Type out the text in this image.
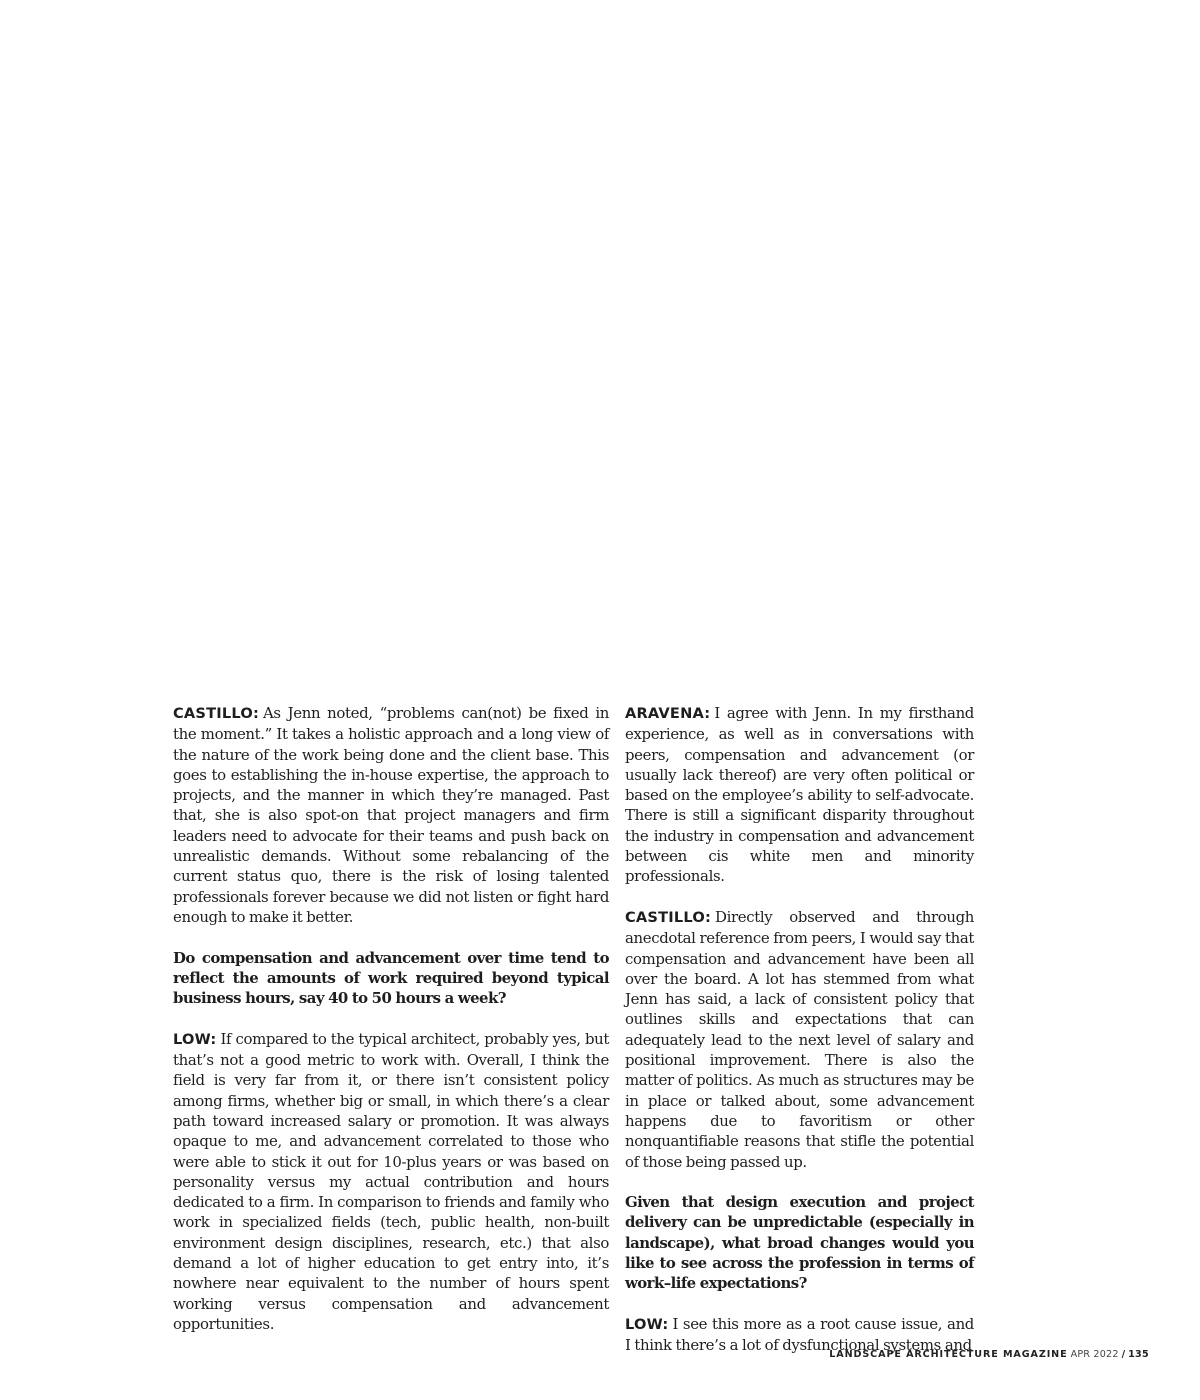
CASTILLO: As Jenn noted, “problems can(not) be fixed in the moment.” It takes a holistic approach and a long view of the nature of the work being done and the client base. This goes to establishing the in-house expertise, the approach to projects, and the manner in which they’re managed. Past that, she is also spot-on that project managers and firm leaders need to advocate for their teams and push back on unrealistic demands. Without some rebalancing of the current status quo, there is the risk of losing talented professionals forever because we did not listen or fight hard enough to make it better.

Do compensation and advancement over time tend to reflect the amounts of work required beyond typical business hours, say 40 to 50 hours a week?

LOW: If compared to the typical architect, probably yes, but that’s not a good metric to work with. Overall, I think the field is very far from it, or there isn’t consistent policy among firms, whether big or small, in which there’s a clear path toward increased salary or promotion. It was always opaque to me, and advancement correlated to those who were able to stick it out for 10-plus years or was based on personality versus my actual contribution and hours dedicated to a firm. In comparison to friends and family who work in specialized fields (tech, public health, non-built environment design disciplines, research, etc.) that also demand a lot of higher education to get entry into, it’s nowhere near equivalent to the number of hours spent working versus compensation and advancement opportunities.

ARAVENA: I agree with Jenn. In my firsthand experience, as well as in conversations with peers, compensation and advancement (or usually lack thereof) are very often political or based on the employee’s ability to self-advocate. There is still a significant disparity throughout the industry in compensation and advancement between cis white men and minority professionals.

CASTILLO: Directly observed and through anecdotal reference from peers, I would say that compensation and advancement have been all over the board. A lot has stemmed from what Jenn has said, a lack of consistent policy that outlines skills and expectations that can adequately lead to the next level of salary and positional improvement. There is also the matter of politics. As much as structures may be in place or talked about, some advancement happens due to favoritism or other nonquantifiable reasons that stifle the potential of those being passed up.

Given that design execution and project delivery can be unpredictable (especially in landscape), what broad changes would you like to see across the profession in terms of work–life expectations?

LOW: I see this more as a root cause issue, and I think there’s a lot of dysfunctional systems and

LANDSCAPE ARCHITECTURE MAGAZINE APR 2022 / 135
